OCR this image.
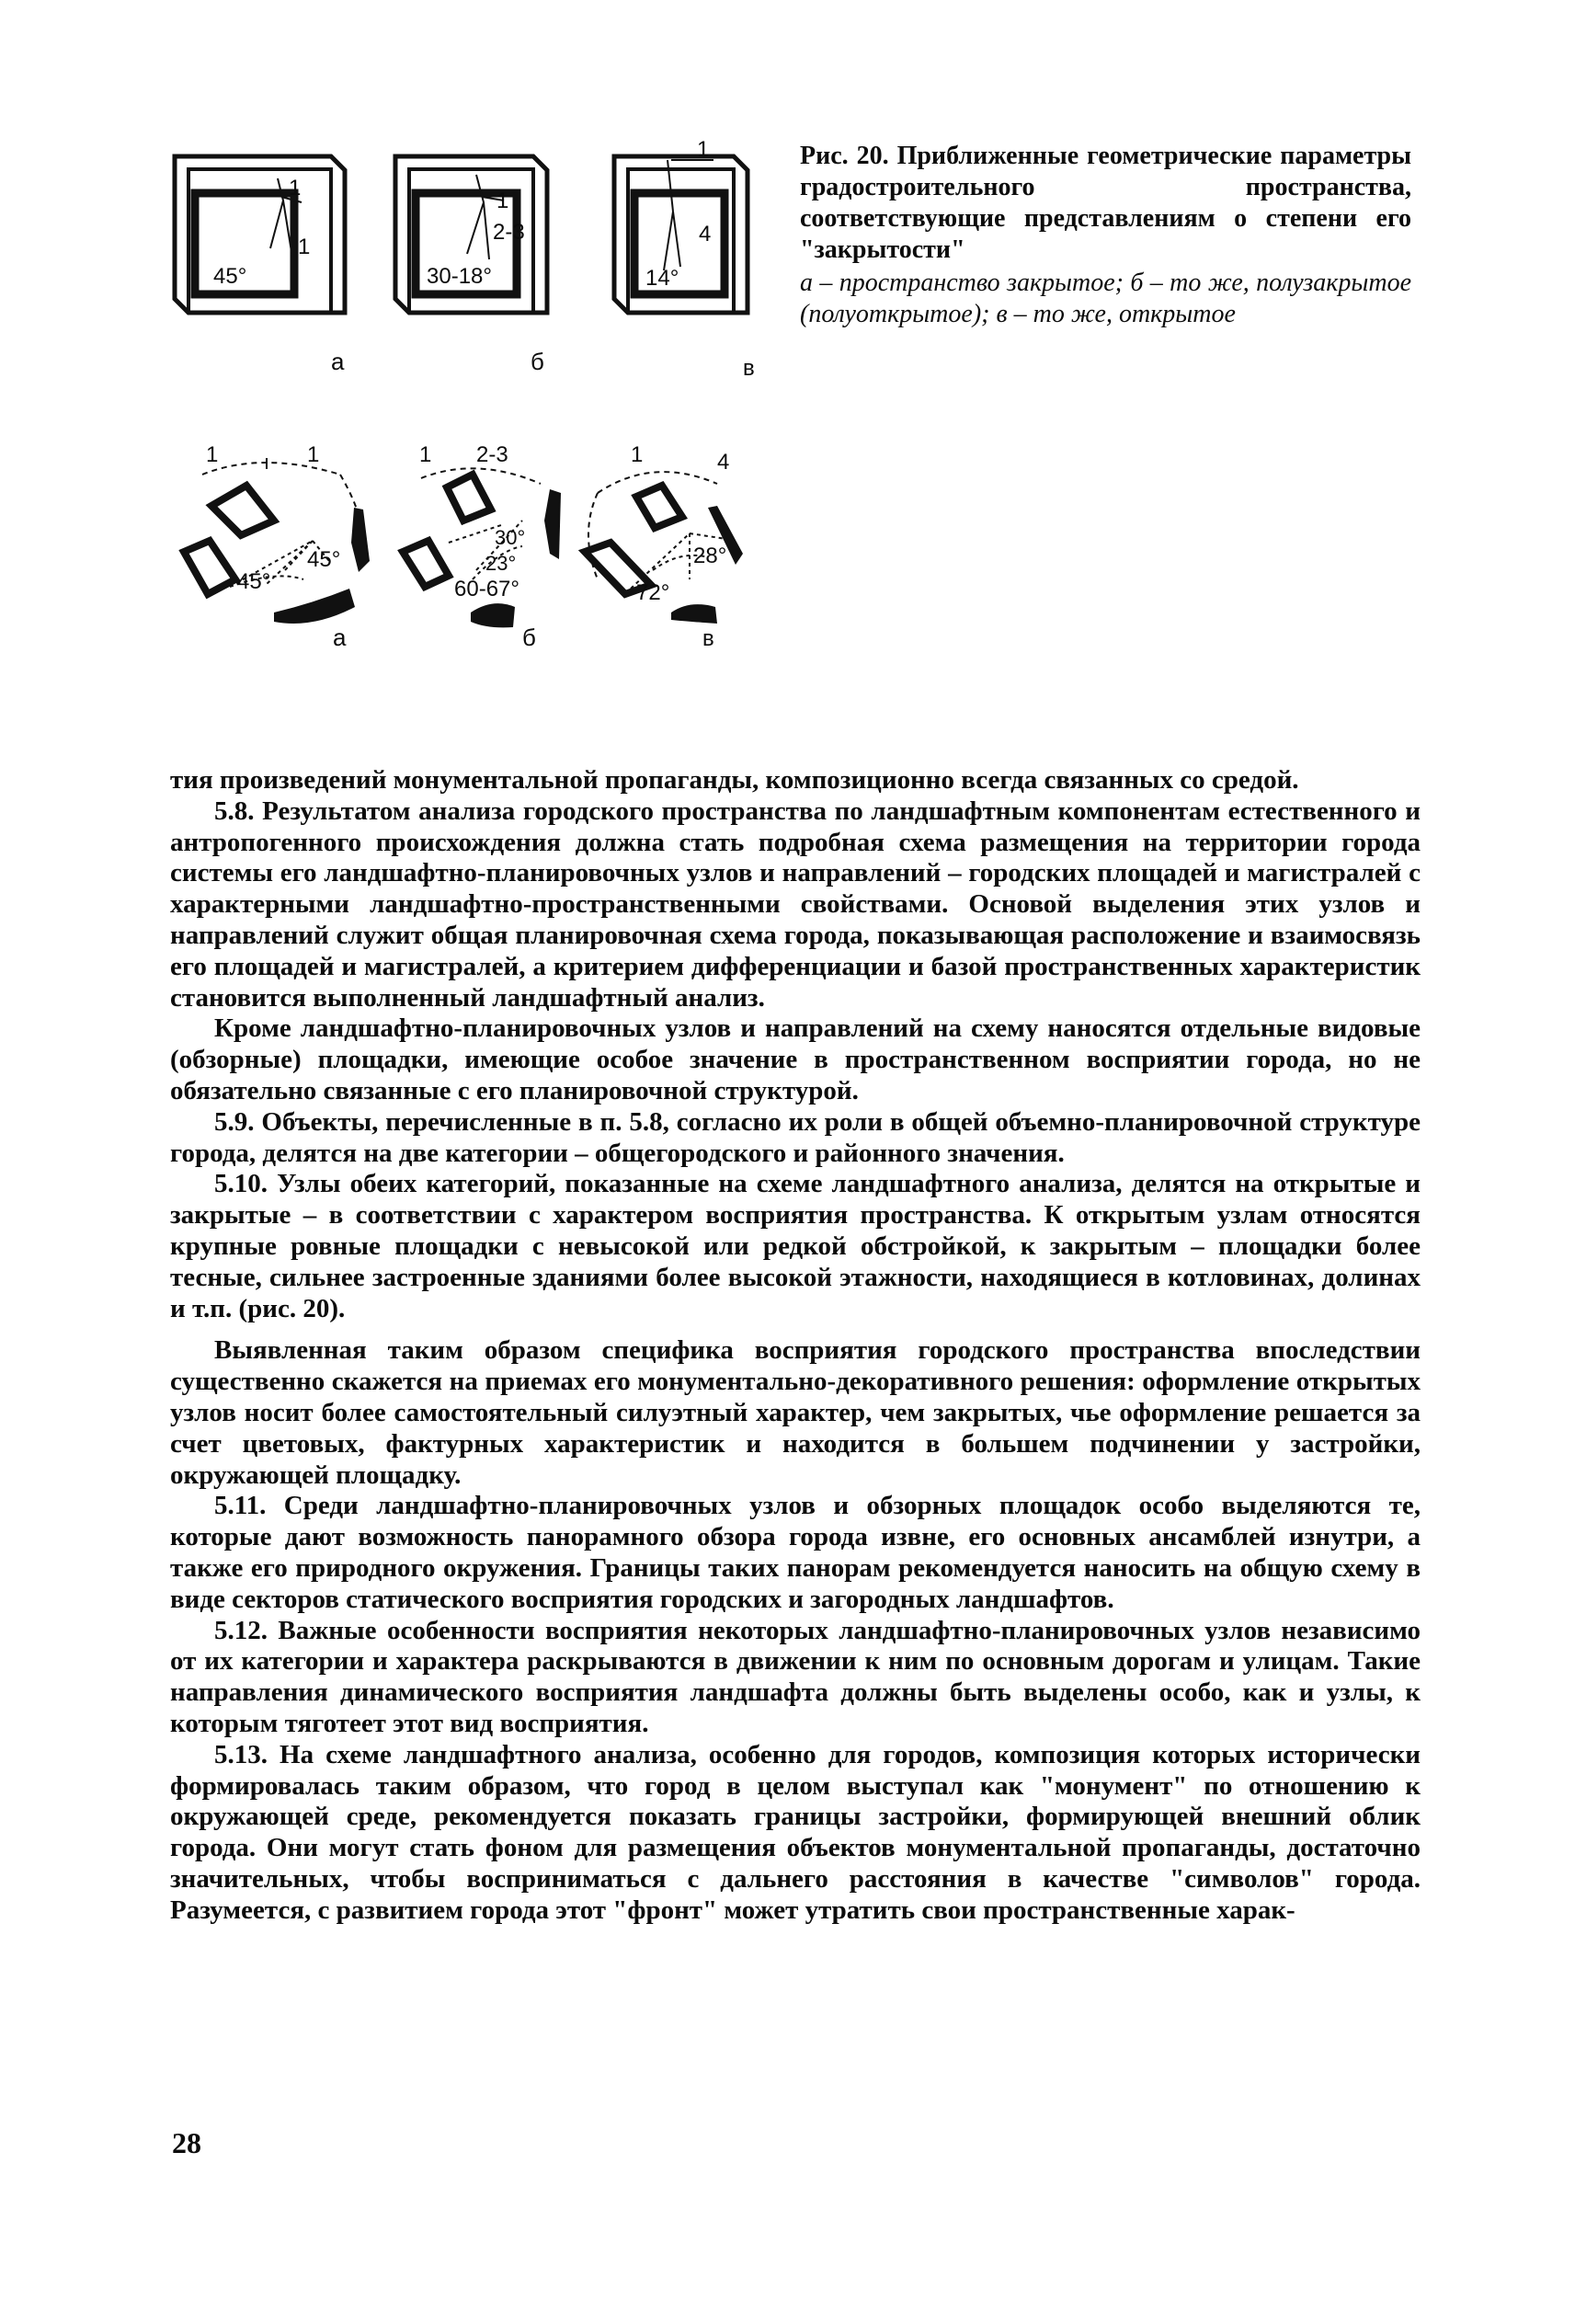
1
1
45°
а
1
2-3
30-18°
б
1
4
14°
в
1	1
45°
45°
а
1 2-3
30°
23°
60-67°
б
1	4
28°
72°
в
Рис. 20. Приближенные геометрические параметры градостроительного пространства, соответствующие представлениям о степени его "закрытости"
а – пространство закрытое; б – то же, полузакрытое (полуоткрытое); в – то же, открытое

тия произведений монументальной пропаганды, композиционно всегда связанных со средой.

5.8. Результатом анализа городского пространства по ландшафтным компонентам естественного и антропогенного происхождения должна стать подробная схема размещения на территории города системы его ландшафтно-планировочных узлов и направлений – городских площадей и магистралей с характерными ландшафтно-пространственными свойствами. Основой выделения этих узлов и направлений служит общая планировочная схема города, показывающая расположение и взаимосвязь его площадей и магистралей, а критерием дифференциации и базой пространственных характеристик становится выполненный ландшафтный анализ.

Кроме ландшафтно-планировочных узлов и направлений на схему наносятся отдельные видовые (обзорные) площадки, имеющие особое значение в пространственном восприятии города, но не обязательно связанные с его планировочной структурой.

5.9. Объекты, перечисленные в п. 5.8, согласно их роли в общей объемно-планировочной структуре города, делятся на две категории – общегородского и районного значения.

5.10. Узлы обеих категорий, показанные на схеме ландшафтного анализа, делятся на открытые и закрытые – в соответствии с характером восприятия пространства. К открытым узлам относятся крупные ровные площадки с невысокой или редкой обстройкой, к закрытым – площадки более тесные, сильнее застроенные зданиями более высокой этажности, находящиеся в котловинах, долинах и т.п. (рис. 20).

Выявленная таким образом специфика восприятия городского пространства впоследствии существенно скажется на приемах его монументально-декоративного решения: оформление открытых узлов носит более самостоятельный силуэтный характер, чем закрытых, чье оформление решается за счет цветовых, фактурных характеристик и находится в большем подчинении у застройки, окружающей площадку.

5.11. Среди ландшафтно-планировочных узлов и обзорных площадок особо выделяются те, которые дают возможность панорамного обзора города извне, его основных ансамблей изнутри, а также его природного окружения. Границы таких панорам рекомендуется наносить на общую схему в виде секторов статического восприятия городских и загородных ландшафтов.

5.12. Важные особенности восприятия некоторых ландшафтно-планировочных узлов независимо от их категории и характера раскрываются в движении к ним по основным дорогам и улицам. Такие направления динамического восприятия ландшафта должны быть выделены особо, как и узлы, к которым тяготеет этот вид восприятия.

5.13. На схеме ландшафтного анализа, особенно для городов, композиция которых исторически формировалась таким образом, что город в целом выступал как "монумент" по отношению к окружающей среде, рекомендуется показать границы застройки, формирующей внешний облик города. Они могут стать фоном для размещения объектов монументальной пропаганды, достаточно значительных, чтобы восприниматься с дальнего расстояния в качестве "символов" города. Разумеется, с развитием города этот "фронт" может утратить свои пространственные харак-

28
